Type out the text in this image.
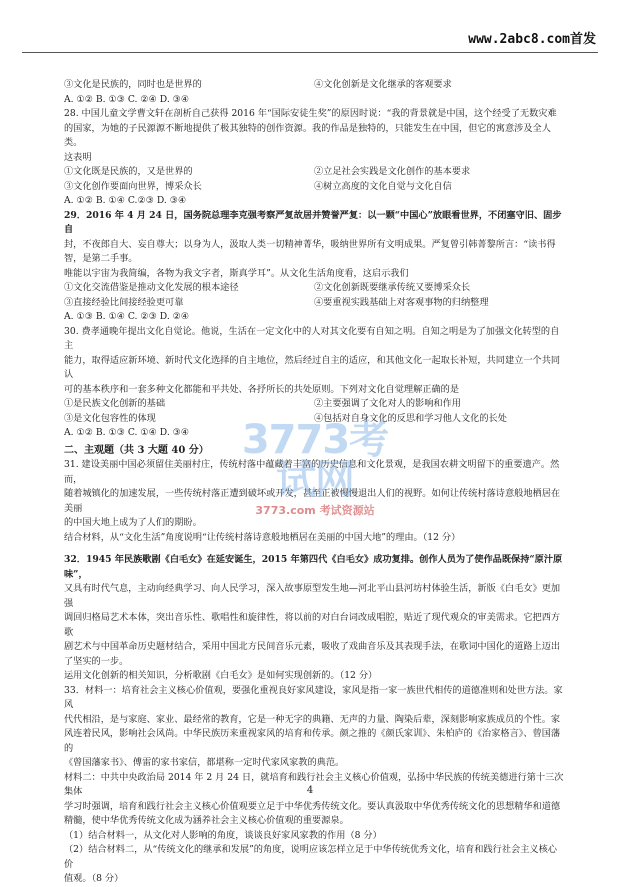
www.2abc8.com首发
③文化是民族的，同时也是世界的	④文化创新是文化继承的客观要求

A. ①② B. ①③ C. ②④ D. ③④

28. 中国儿童文学曹文轩在剖析自己获得 2016 年“国际安徒生奖”的原因时说：“我的背景就是中国，这个经受了无数灾难

的国家，为她的子民源源不断地提供了极其独特的创作资源。我的作品是独特的，只能发生在中国，但它的寓意涉及全人类。

这表明

①文化既是民族的，又是世界的	②立足社会实践是文化创作的基本要求
③文化创作要面向世界，博采众长	④树立高度的文化自觉与文化自信

A. ①② B. ①④ C.②③ D. ③④

29．2016 年 4 月 24 日，国务院总理李克强考察严复故居并赞誉严复：以一颗“中国心”放眼看世界，不闭塞守旧、固步自

封，不夜郎自大、妄自尊大；以身为人，汲取人类一切精神菁华，吸纳世界所有文明成果。严复曾引韩菁黎所言：“读书得智，是第二手事。

唯能以宇宙为我简编，各物为我文字者，斯真学耳”。从文化生活角度看，这启示我们

①文化交流借鉴是推动文化发展的根本途径	②文化创新既要继承传统又要博采众长
③直接经验比间接经验更可靠	④要重视实践基础上对客观事物的归纳整理

A. ①③ B. ①④ C. ②③ D. ②④

30. 费孝通晚年提出文化自觉论。他说，生活在一定文化中的人对其文化要有自知之明。自知之明是为了加强文化转型的自主

能力，取得适应新环境、新时代文化选择的自主地位，然后经过自主的适应，和其他文化一起取长补短，共同建立一个共同认

可的基本秩序和一套多种文化都能和平共处、各抒所长的共处原则。下列对文化自觉理解正确的是

①是民族文化创新的基础	②主要强调了文化对人的影响和作用
③是文化包容性的体现	④包括对自身文化的反思和学习他人文化的长处

A. ①② B. ①③ C. ①④ D. ③④

二、主观题（共 3 大题 40 分）

31. 建设美丽中国必须留住美丽村庄，传统村落中蕴藏着丰富的历史信息和文化景观，是我国农耕文明留下的重要遗产。然而，

随着城镇化的加速发展，一些传统村落正遭到破坏或开发，甚至正被慢慢退出人们的视野。如何让传统村落诗意般地栖居在美丽

的中国大地上成为了人们的期盼。

结合材料，从“文化生活”角度说明“让传统村落诗意般地栖居在美丽的中国大地”的理由。（12 分）

32．1945 年民族歌剧《白毛女》在延安诞生，2015 年第四代《白毛女》成功复排。创作人员为了使作品既保持“原汁原味”，

又具有时代气息，主动向经典学习、向人民学习，深入故事原型发生地—河北平山县河坊村体验生活，新版《白毛女》更加强

调回归格局艺术本体，突出音乐性、歌唱性和旋律性，将以前的对白台词改成唱腔，贴近了现代观众的审美需求。它把西方歌

剧艺术与中国革命历史题材结合，采用中国北方民间音乐元素，吸收了戏曲音乐及其表现手法，在歌词中国化的道路上迈出

了坚实的一步。

运用文化创新的相关知识，分析歌剧《白毛女》是如何实现创新的。（12 分）

33．材料一：培育社会主义核心价值观，要强化重视良好家风建设，家风是指一家一族世代相传的道德准则和处世方法。家风

代代相沿，是与家庭、家业、最经常的教育，它是一种无字的典籍、无声的力量、陶染后辈，深刻影响家族成员的个性。家

风连着民风，影响社会风尚。中华民族历来重视家风的培育和传承。颜之推的《颜氏家训》、朱柏庐的《治家格言》、曾国藩的

《曾国藩家书》、傅雷的家书家信，都堪称一定时代家风家教的典范。

材料二：中共中央政治局 2014 年 2 月 24 日，就培育和践行社会主义核心价值观，弘扬中华民族的传统美德进行第十三次集体

学习时强调，培育和践行社会主义核心价值观要立足于中华优秀传统文化。要认真汲取中华优秀传统文化的思想精华和道德

精髓，使中华优秀传统文化成为涵养社会主义核心价值观的重要源泉。

（1）结合材料一，从文化对人影响的角度，谈谈良好家风家教的作用（8 分）

（2）结合材料二，从“传统文化的继承和发展”的角度，说明应该怎样立足于中华传统优秀文化，培育和践行社会主义核心价

值观。（8 分）

3773考试网
3773.com 考试资源站
4
